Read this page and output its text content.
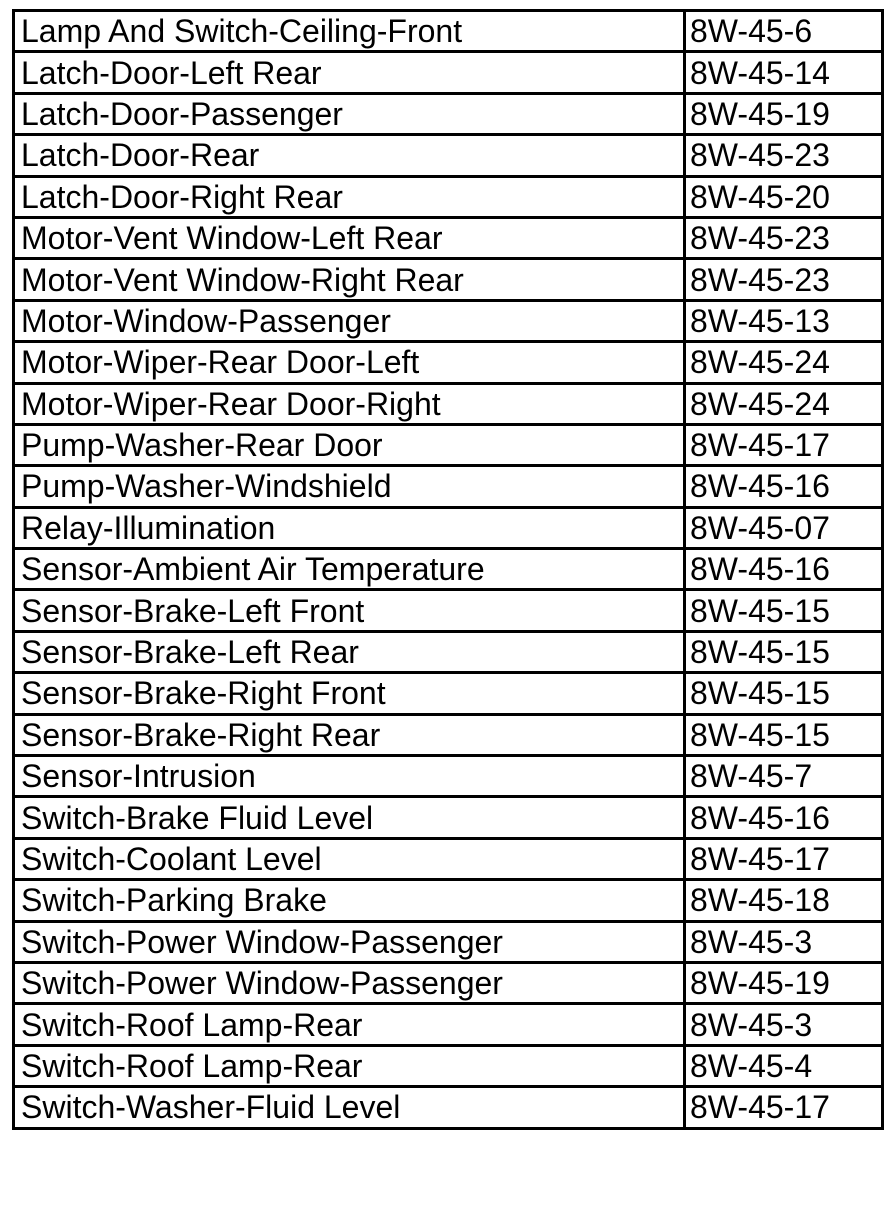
Lamp And Switch-Ceiling-Front	8W-45-6
Latch-Door-Left Rear	8W-45-14
Latch-Door-Passenger	8W-45-19
Latch-Door-Rear	8W-45-23
Latch-Door-Right Rear	8W-45-20
Motor-Vent Window-Left Rear	8W-45-23
Motor-Vent Window-Right Rear	8W-45-23
Motor-Window-Passenger	8W-45-13
Motor-Wiper-Rear Door-Left	8W-45-24
Motor-Wiper-Rear Door-Right	8W-45-24
Pump-Washer-Rear Door	8W-45-17
Pump-Washer-Windshield	8W-45-16
Relay-Illumination	8W-45-07
Sensor-Ambient Air Temperature	8W-45-16
Sensor-Brake-Left Front	8W-45-15
Sensor-Brake-Left Rear	8W-45-15
Sensor-Brake-Right Front	8W-45-15
Sensor-Brake-Right Rear	8W-45-15
Sensor-Intrusion	8W-45-7
Switch-Brake Fluid Level	8W-45-16
Switch-Coolant Level	8W-45-17
Switch-Parking Brake	8W-45-18
Switch-Power Window-Passenger	8W-45-3
Switch-Power Window-Passenger	8W-45-19
Switch-Roof Lamp-Rear	8W-45-3
Switch-Roof Lamp-Rear	8W-45-4
Switch-Washer-Fluid Level	8W-45-17
